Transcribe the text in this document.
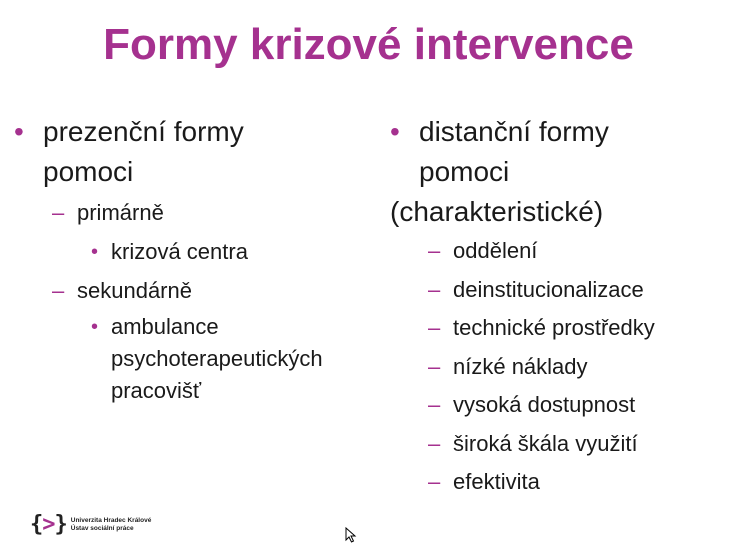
Formy krizové intervence
• prezenční formy
pomoci
– primárně
• krizová centra
– sekundárně
• ambulance
psychoterapeutických
pracovišť
• distanční formy
pomoci
(charakteristické)
– oddělení
– deinstitucionalizace
– technické prostředky
– nízké náklady
– vysoká dostupnost
– široká škála využití
– efektivita
{>} Univerzita Hradec Králové
Ústav sociální práce
